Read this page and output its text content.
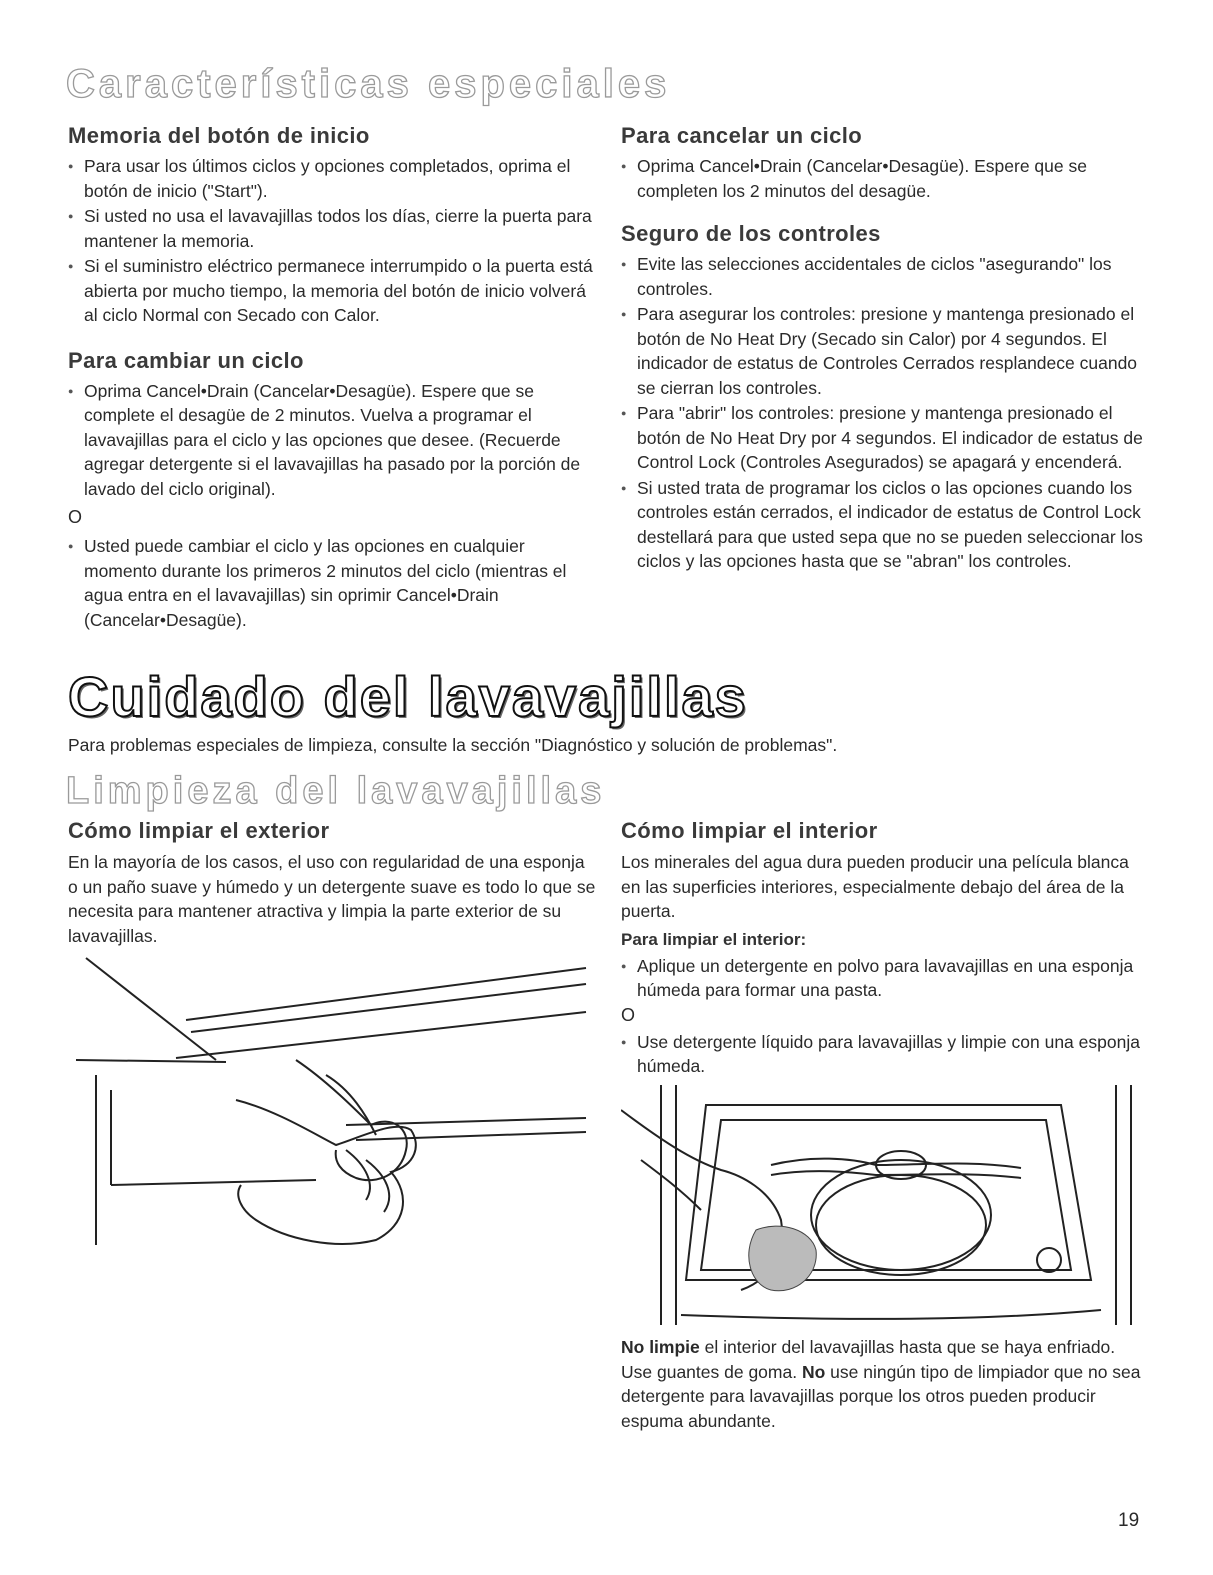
Características especiales
Memoria del botón de inicio
● Para usar los últimos ciclos y opciones completados, oprima el botón de inicio ("Start").
● Si usted no usa el lavavajillas todos los días, cierre la puerta para mantener la memoria.
● Si el suministro eléctrico permanece interrumpido o la puerta está abierta por mucho tiempo, la memoria del botón de inicio volverá al ciclo Normal con Secado con Calor.
Para cambiar un ciclo
● Oprima Cancel•Drain (Cancelar•Desagüe). Espere que se complete el desagüe de 2 minutos. Vuelva a programar el lavavajillas para el ciclo y las opciones que desee. (Recuerde agregar detergente si el lavavajillas ha pasado por la porción de lavado del ciclo original).
O
● Usted puede cambiar el ciclo y las opciones en cualquier momento durante los primeros 2 minutos del ciclo (mientras el agua entra en el lavavajillas) sin oprimir Cancel•Drain (Cancelar•Desagüe).
Para cancelar un ciclo
● Oprima Cancel•Drain (Cancelar•Desagüe). Espere que se completen los 2 minutos del desagüe.
Seguro de los controles
● Evite las selecciones accidentales de ciclos "asegurando" los controles.
● Para asegurar los controles: presione y mantenga presionado el botón de No Heat Dry (Secado sin Calor) por 4 segundos. El indicador de estatus de Controles Cerrados resplandece cuando se cierran los controles.
● Para "abrir" los controles: presione y mantenga presionado el botón de No Heat Dry por 4 segundos. El indicador de estatus de Control Lock (Controles Asegurados) se apagará y encenderá.
● Si usted trata de programar los ciclos o las opciones cuando los controles están cerrados, el indicador de estatus de Control Lock destellará para que usted sepa que no se pueden seleccionar los ciclos y las opciones hasta que se "abran" los controles.
Cuidado del lavavajillas

Para problemas especiales de limpieza, consulte la sección "Diagnóstico y solución de problemas".

Limpieza del lavavajillas
Cómo limpiar el exterior

En la mayoría de los casos, el uso con regularidad de una esponja o un paño suave y húmedo y un detergente suave es todo lo que se necesita para mantener atractiva y limpia la parte exterior de su lavavajillas.

Cómo limpiar el interior

Los minerales del agua dura pueden producir una película blanca en las superficies interiores, especialmente debajo del área de la puerta.

Para limpiar el interior:
● Aplique un detergente en polvo para lavavajillas en una esponja húmeda para formar una pasta.
O
● Use detergente líquido para lavavajillas y limpie con una esponja húmeda.

No limpie el interior del lavavajillas hasta que se haya enfriado. Use guantes de goma. No use ningún tipo de limpiador que no sea detergente para lavavajillas porque los otros pueden producir espuma abundante.

19
